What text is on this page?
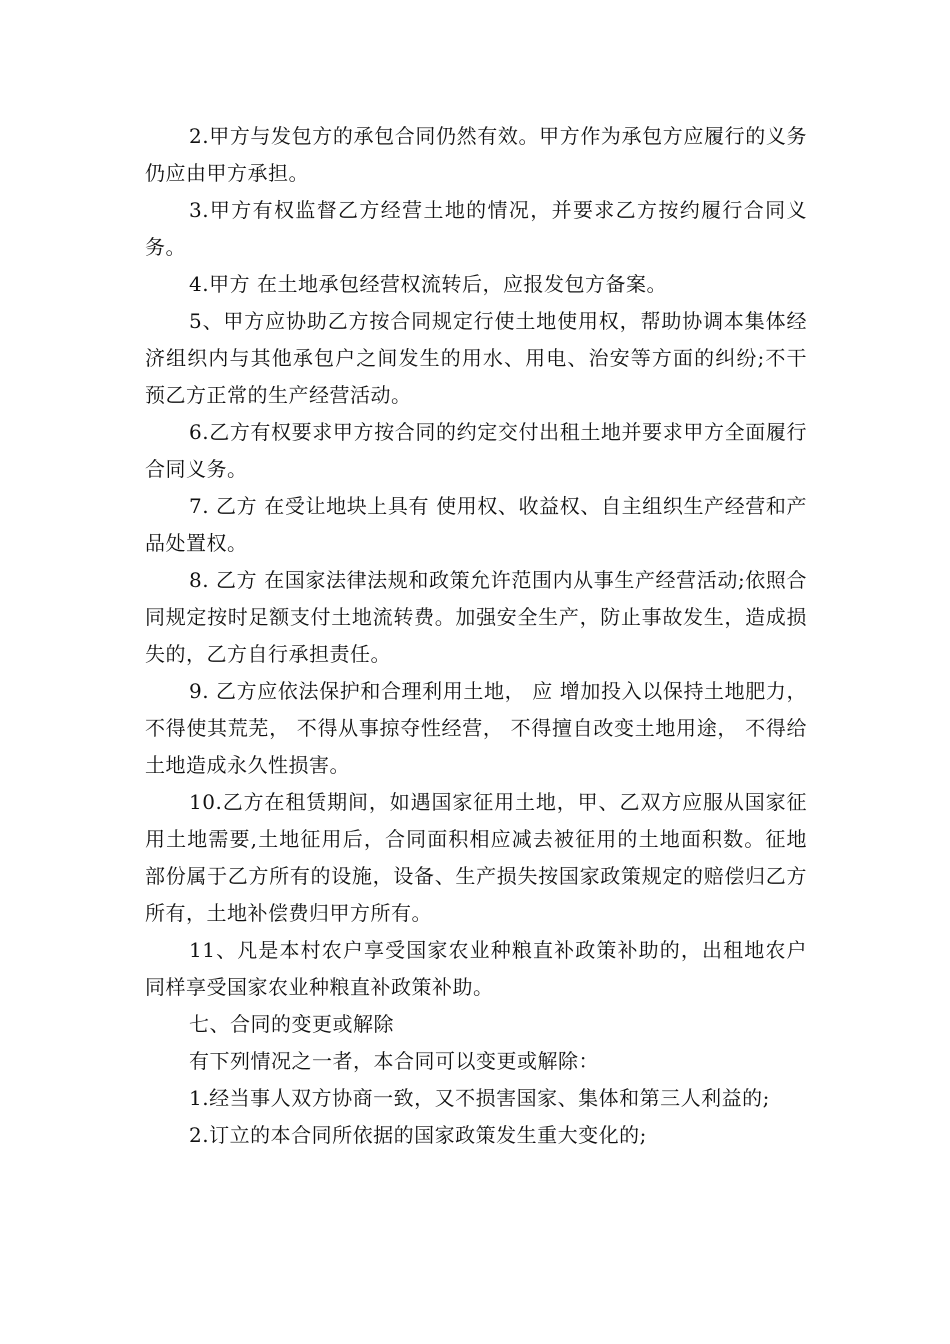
2.甲方与发包方的承包合同仍然有效。甲方作为承包方应履行的义务仍应由甲方承担。

3.甲方有权监督乙方经营土地的情况，并要求乙方按约履行合同义务。

4.甲方 在土地承包经营权流转后，应报发包方备案。

5、甲方应协助乙方按合同规定行使土地使用权，帮助协调本集体经济组织内与其他承包户之间发生的用水、用电、治安等方面的纠纷;不干预乙方正常的生产经营活动。

6.乙方有权要求甲方按合同的约定交付出租土地并要求甲方全面履行合同义务。

7. 乙方 在受让地块上具有 使用权、收益权、自主组织生产经营和产品处置权。

8. 乙方 在国家法律法规和政策允许范围内从事生产经营活动;依照合同规定按时足额支付土地流转费。加强安全生产，防止事故发生，造成损失的，乙方自行承担责任。

9. 乙方应依法保护和合理利用土地， 应 增加投入以保持土地肥力， 不得使其荒芜， 不得从事掠夺性经营， 不得擅自改变土地用途， 不得给土地造成永久性损害。

10.乙方在租赁期间，如遇国家征用土地，甲、乙双方应服从国家征用土地需要,土地征用后，合同面积相应减去被征用的土地面积数。征地部份属于乙方所有的设施，设备、生产损失按国家政策规定的赔偿归乙方所有，土地补偿费归甲方所有。

11、凡是本村农户享受国家农业种粮直补政策补助的，出租地农户同样享受国家农业种粮直补政策补助。

七、合同的变更或解除

有下列情况之一者，本合同可以变更或解除：

1.经当事人双方协商一致，又不损害国家、集体和第三人利益的;

2.订立的本合同所依据的国家政策发生重大变化的;
